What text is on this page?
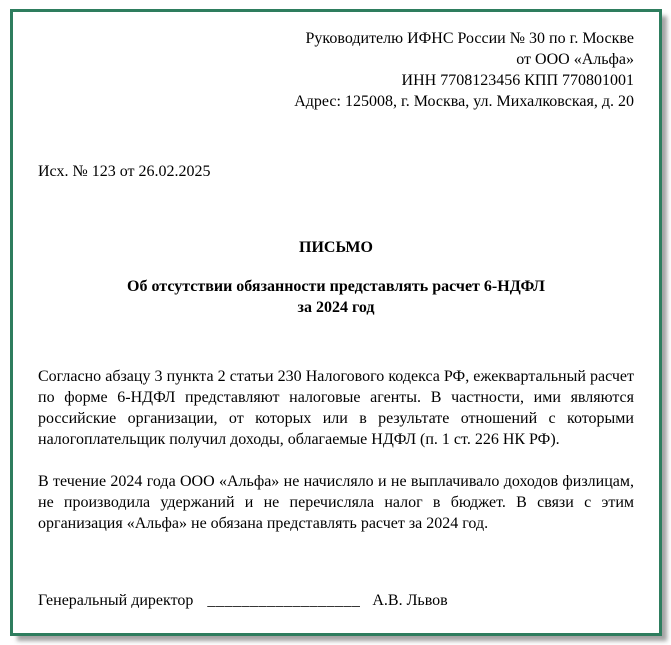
Руководителю ИФНС России № 30 по г. Москве
от ООО «Альфа»
ИНН 7708123456 КПП 770801001
Адрес: 125008, г. Москва, ул. Михалковская, д. 20
Исх. № 123 от 26.02.2025
ПИСЬМО
Об отсутствии обязанности представлять расчет 6-НДФЛ
за 2024 год
Согласно абзацу 3 пункта 2 статьи 230 Налогового кодекса РФ, ежеквартальный расчет по форме 6-НДФЛ представляют налоговые агенты. В частности, ими являются российские организации, от которых или в результате отношений с которыми налогоплательщик получил доходы, облагаемые НДФЛ (п. 1 ст. 226 НК РФ).
В течение 2024 года ООО «Альфа» не начисляло и не выплачивало доходов физлицам, не производила удержаний и не перечисляла налог в бюджет. В связи с этим организация «Альфа» не обязана представлять расчет за 2024 год.
Генеральный директор __________________ А.В. Львов
